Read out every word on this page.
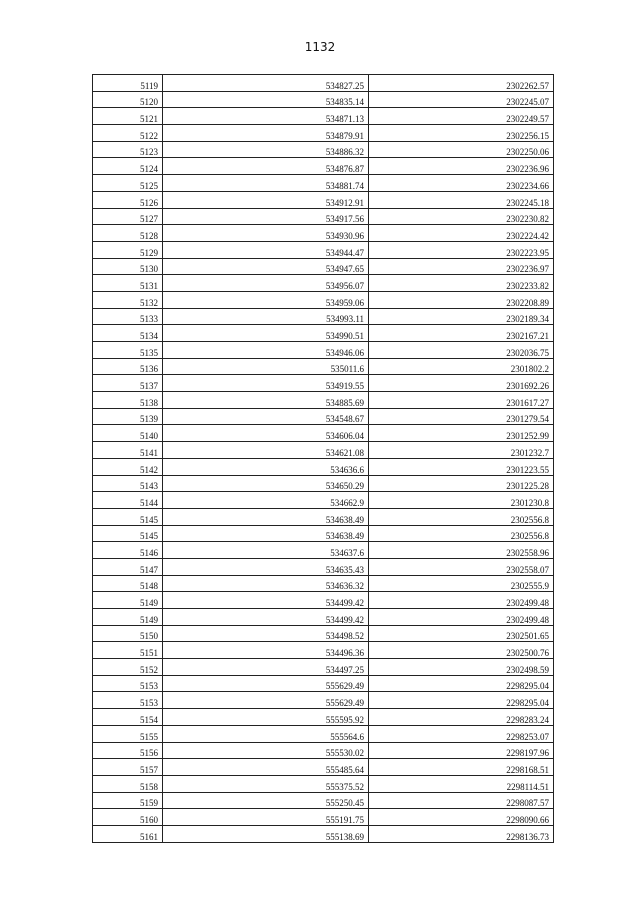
1132
5119	534827.25	2302262.57
5120	534835.14	2302245.07
5121	534871.13	2302249.57
5122	534879.91	2302256.15
5123	534886.32	2302250.06
5124	534876.87	2302236.96
5125	534881.74	2302234.66
5126	534912.91	2302245.18
5127	534917.56	2302230.82
5128	534930.96	2302224.42
5129	534944.47	2302223.95
5130	534947.65	2302236.97
5131	534956.07	2302233.82
5132	534959.06	2302208.89
5133	534993.11	2302189.34
5134	534990.51	2302167.21
5135	534946.06	2302036.75
5136	535011.6	2301802.2
5137	534919.55	2301692.26
5138	534885.69	2301617.27
5139	534548.67	2301279.54
5140	534606.04	2301252.99
5141	534621.08	2301232.7
5142	534636.6	2301223.55
5143	534650.29	2301225.28
5144	534662.9	2301230.8
5145	534638.49	2302556.8
5145	534638.49	2302556.8
5146	534637.6	2302558.96
5147	534635.43	2302558.07
5148	534636.32	2302555.9
5149	534499.42	2302499.48
5149	534499.42	2302499.48
5150	534498.52	2302501.65
5151	534496.36	2302500.76
5152	534497.25	2302498.59
5153	555629.49	2298295.04
5153	555629.49	2298295.04
5154	555595.92	2298283.24
5155	555564.6	2298253.07
5156	555530.02	2298197.96
5157	555485.64	2298168.51
5158	555375.52	2298114.51
5159	555250.45	2298087.57
5160	555191.75	2298090.66
5161	555138.69	2298136.73
